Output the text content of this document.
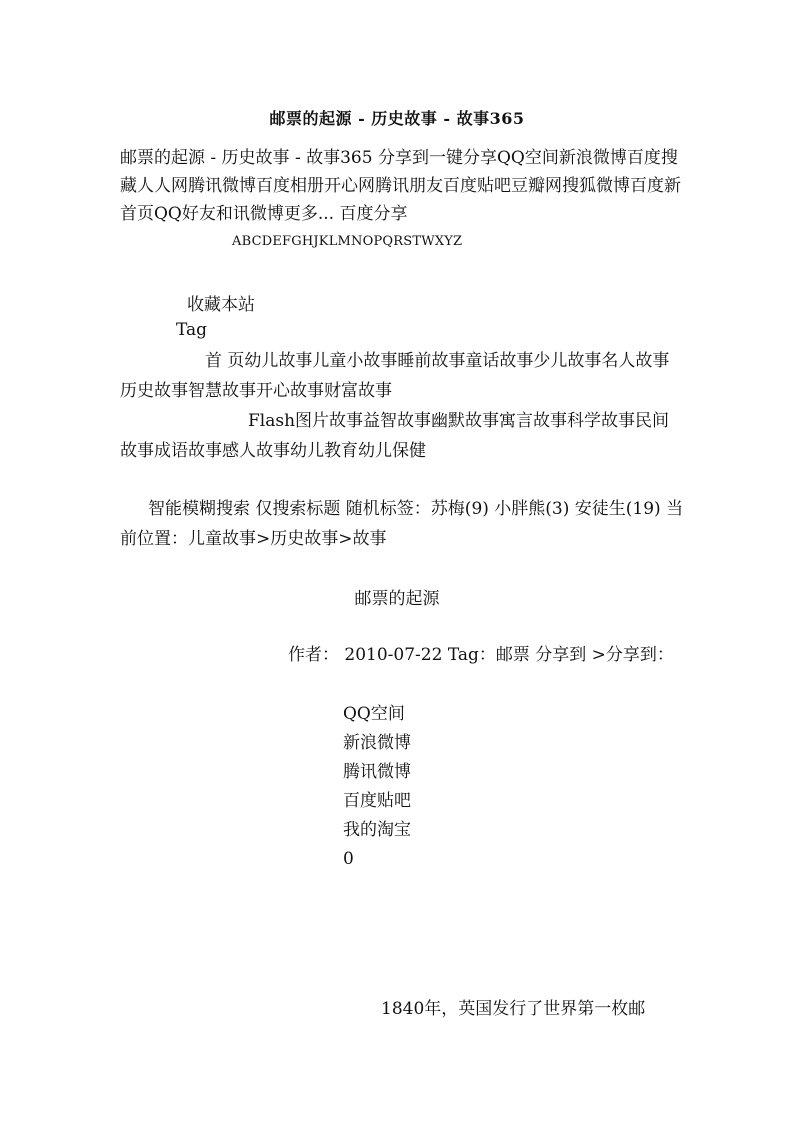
邮票的起源 - 历史故事 - 故事365
邮票的起源 - 历史故事 - 故事365 分享到一键分享QQ空间新浪微博百度搜藏人人网腾讯微博百度相册开心网腾讯朋友百度贴吧豆瓣网搜狐微博百度新首页QQ好友和讯微博更多... 百度分享
ABCDEFGHJKLMNOPQRSTWXYZ
收藏本站
Tag
首 页幼儿故事儿童小故事睡前故事童话故事少儿故事名人故事历史故事智慧故事开心故事财富故事
Flash图片故事益智故事幽默故事寓言故事科学故事民间故事成语故事感人故事幼儿教育幼儿保健
智能模糊搜索 仅搜索标题 随机标签：苏梅(9) 小胖熊(3) 安徒生(19) 当前位置：儿童故事>历史故事>故事
邮票的起源
作者： 2010-07-22 Tag：邮票 分享到 >分享到：
QQ空间
新浪微博
腾讯微博
百度贴吧
我的淘宝
0
1840年，英国发行了世界第一枚邮
